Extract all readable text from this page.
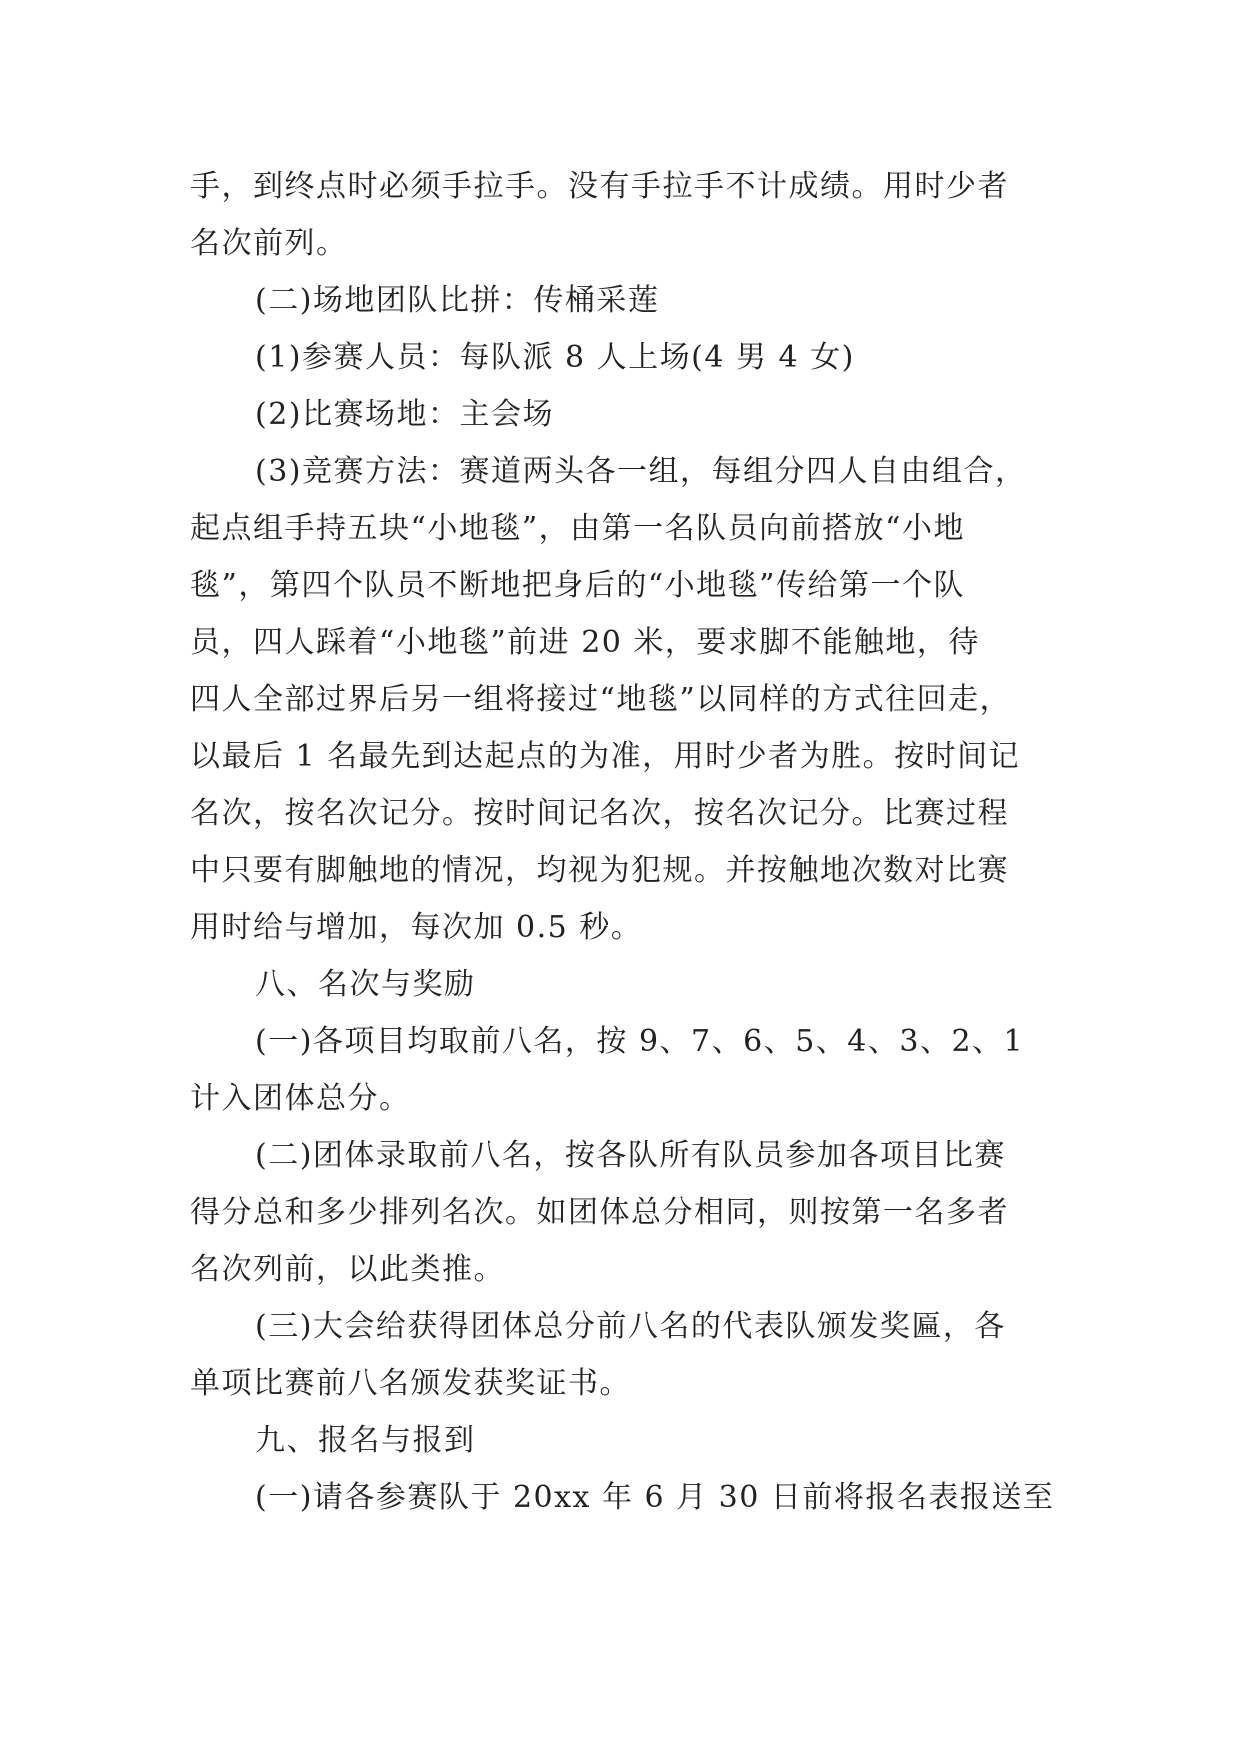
手，到终点时必须手拉手。没有手拉手不计成绩。用时少者
名次前列。
(二)场地团队比拼：传桶采莲
(1)参赛人员：每队派 8 人上场(4 男 4 女)
(2)比赛场地：主会场
(3)竞赛方法：赛道两头各一组，每组分四人自由组合，
起点组手持五块“小地毯”，由第一名队员向前搭放“小地
毯”，第四个队员不断地把身后的“小地毯”传给第一个队
员，四人踩着“小地毯”前进 20 米，要求脚不能触地，待
四人全部过界后另一组将接过“地毯”以同样的方式往回走，
以最后 1 名最先到达起点的为准，用时少者为胜。按时间记
名次，按名次记分。按时间记名次，按名次记分。比赛过程
中只要有脚触地的情况，均视为犯规。并按触地次数对比赛
用时给与增加，每次加 0.5 秒。
八、名次与奖励
(一)各项目均取前八名，按 9、7、6、5、4、3、2、1
计入团体总分。
(二)团体录取前八名，按各队所有队员参加各项目比赛
得分总和多少排列名次。如团体总分相同，则按第一名多者
名次列前，以此类推。
(三)大会给获得团体总分前八名的代表队颁发奖匾，各
单项比赛前八名颁发获奖证书。
九、报名与报到
(一)请各参赛队于 20xx 年 6 月 30 日前将报名表报送至
